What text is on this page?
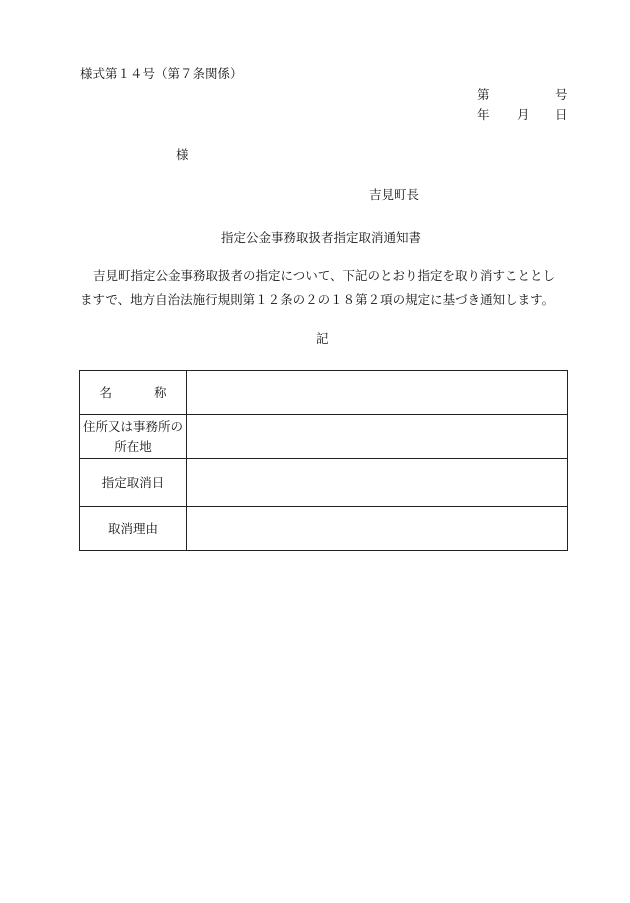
様式第１４号（第７条関係）
第	号
年 月 日
様
吉見町長
指定公金事務取扱者指定取消通知書
吉見町指定公金事務取扱者の指定について、下記のとおり指定を取り消すこととし
ますで、地方自治法施行規則第１２条の２の１８第２項の規定に基づき通知します。
記
名 称	

住所又は事務所の
所在地	

指定取消日	
取消理由	
